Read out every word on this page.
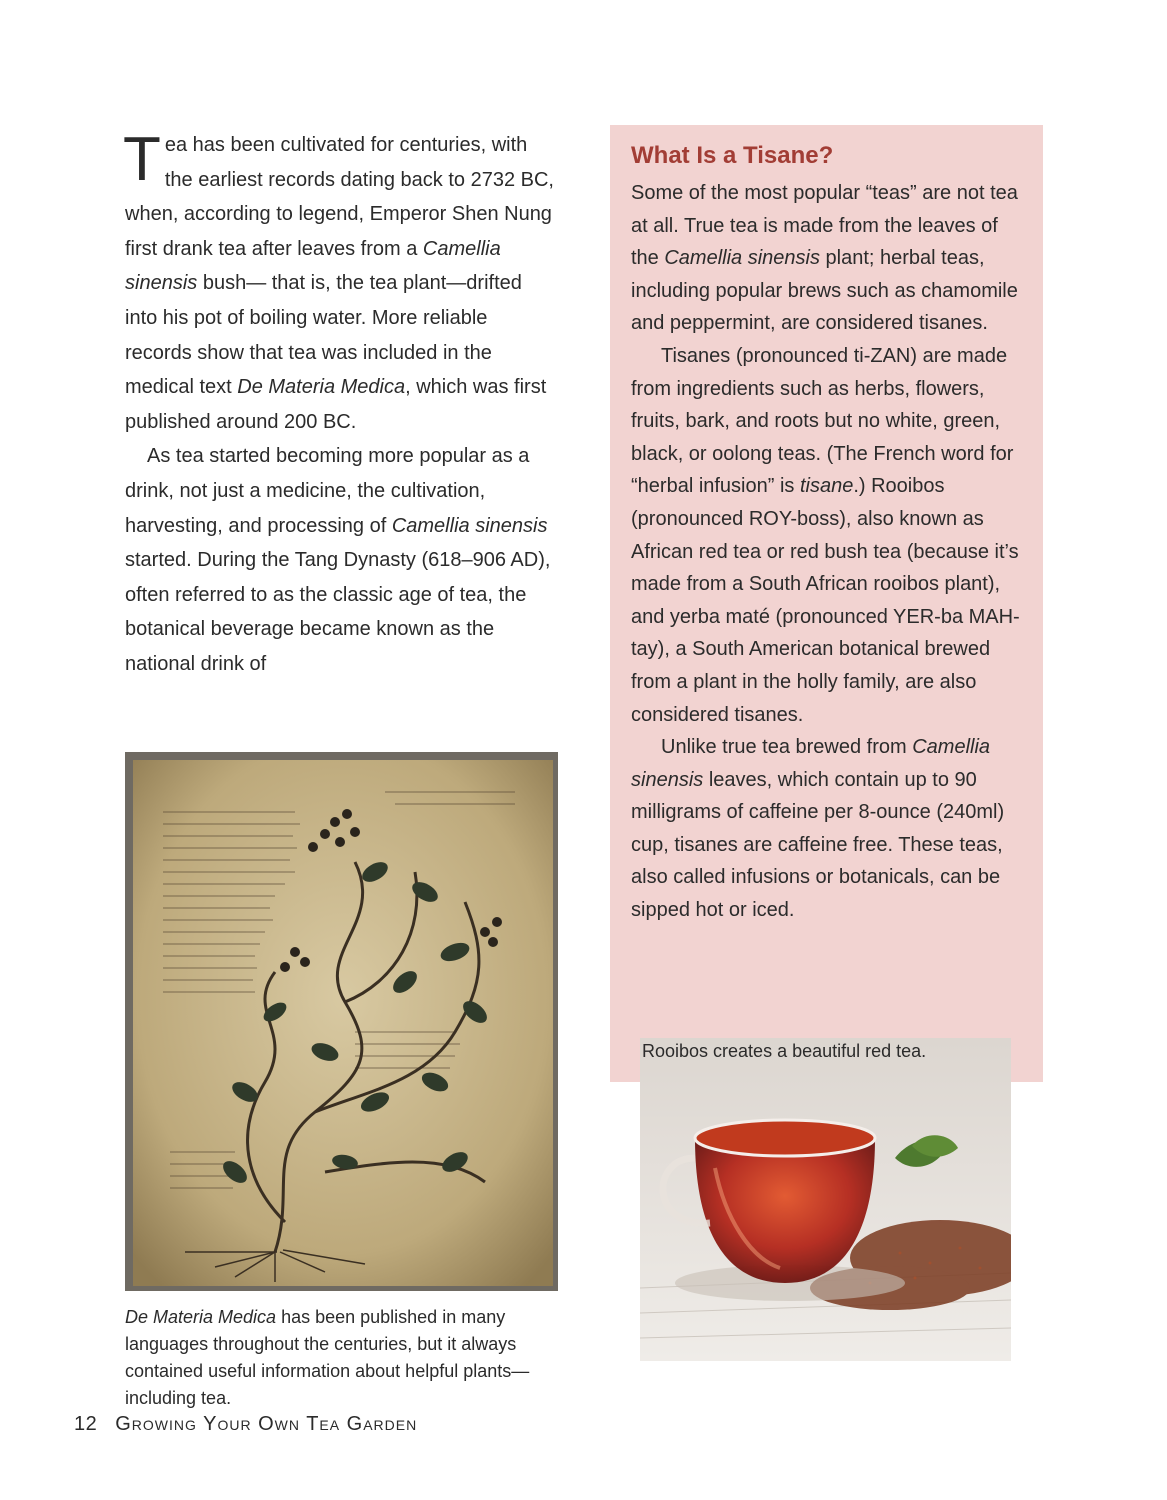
Tea has been cultivated for centuries, with the earliest records dating back to 2732 BC, when, according to legend, Emperor Shen Nung first drank tea after leaves from a Camellia sinensis bush— that is, the tea plant—drifted into his pot of boiling water. More reliable records show that tea was included in the medical text De Materia Medica, which was first published around 200 BC.

As tea started becoming more popular as a drink, not just a medicine, the cultivation, harvesting, and processing of Camellia sinensis started. During the Tang Dynasty (618–906 AD), often referred to as the classic age of tea, the botanical beverage became known as the national drink of

De Materia Medica has been published in many languages throughout the centuries, but it always contained useful information about helpful plants—including tea.
What Is a Tisane?

Some of the most popular “teas” are not tea at all. True tea is made from the leaves of the Camellia sinensis plant; herbal teas, including popular brews such as chamomile and peppermint, are considered tisanes.

Tisanes (pronounced ti-ZAN) are made from ingredients such as herbs, flowers, fruits, bark, and roots but no white, green, black, or oolong teas. (The French word for “herbal infusion” is tisane.) Rooibos (pronounced ROY-boss), also known as African red tea or red bush tea (because it’s made from a South African rooibos plant), and yerba maté (pronounced YER-ba MAH-tay), a South American botanical brewed from a plant in the holly family, are also considered tisanes.

Unlike true tea brewed from Camellia sinensis leaves, which contain up to 90 milligrams of caffeine per 8-ounce (240ml) cup, tisanes are caffeine free. These teas, also called infusions or botanicals, can be sipped hot or iced.

Rooibos creates a beautiful red tea.
12 Growing Your Own Tea Garden
